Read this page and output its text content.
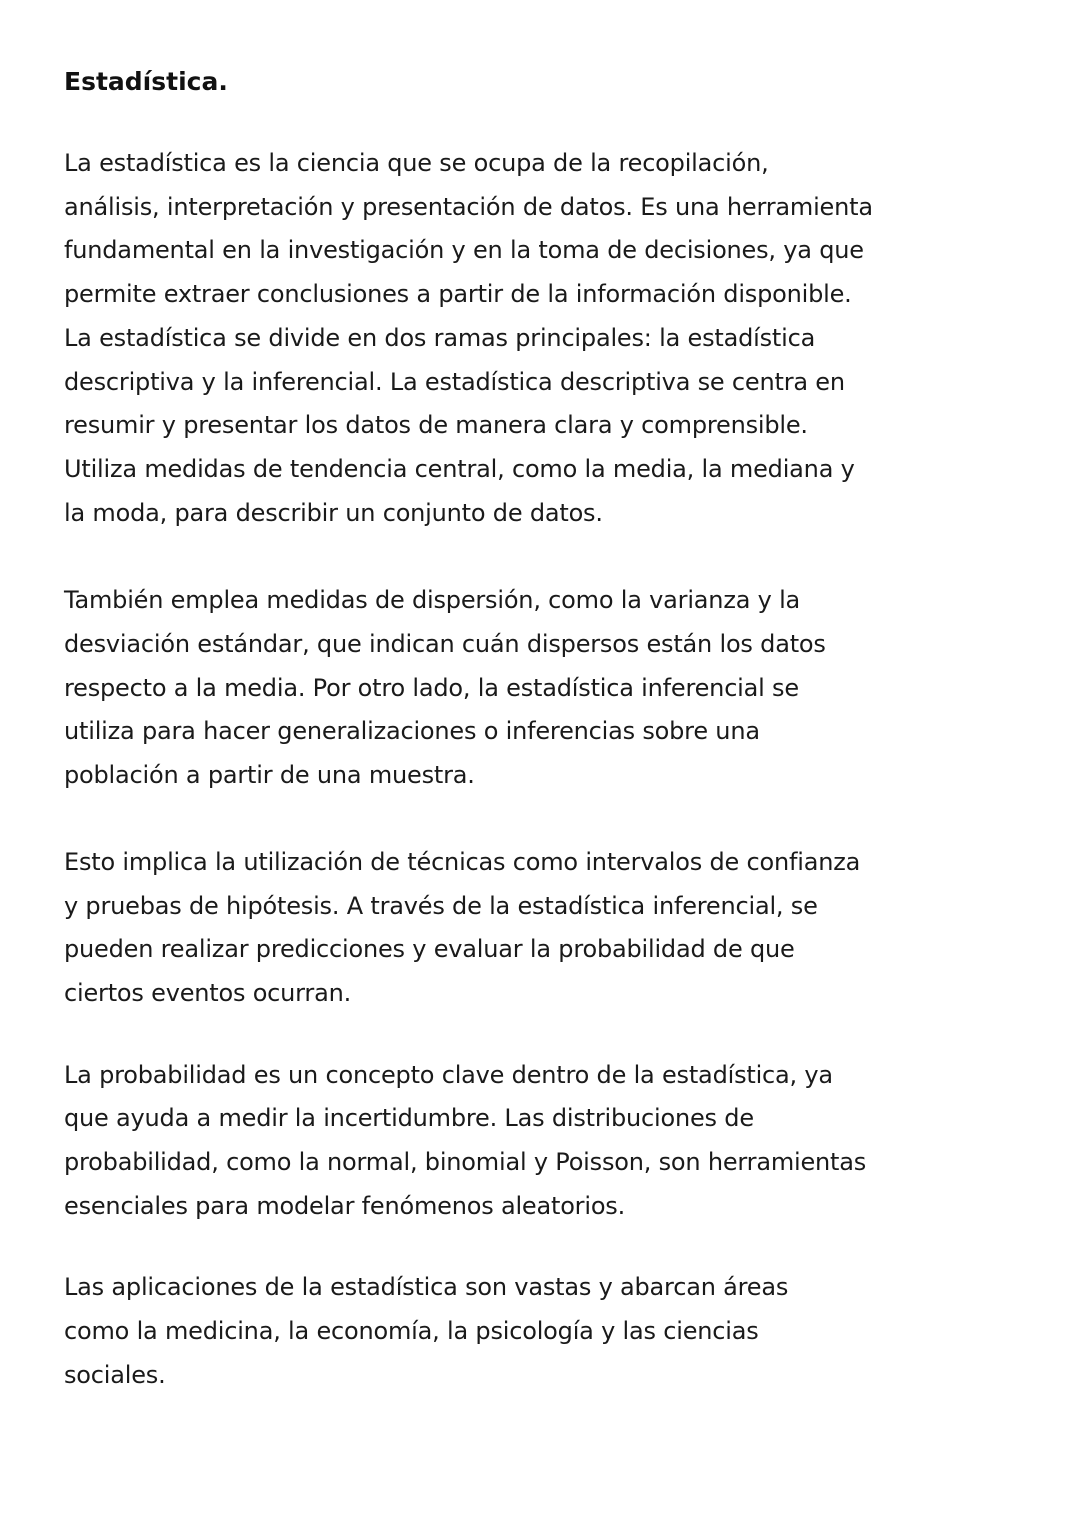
Estadística.
La estadística es la ciencia que se ocupa de la recopilación,
análisis, interpretación y presentación de datos. Es una herramienta
fundamental en la investigación y en la toma de decisiones, ya que
permite extraer conclusiones a partir de la información disponible.
La estadística se divide en dos ramas principales: la estadística
descriptiva y la inferencial. La estadística descriptiva se centra en
resumir y presentar los datos de manera clara y comprensible.
Utiliza medidas de tendencia central, como la media, la mediana y
la moda, para describir un conjunto de datos.
También emplea medidas de dispersión, como la varianza y la
desviación estándar, que indican cuán dispersos están los datos
respecto a la media. Por otro lado, la estadística inferencial se
utiliza para hacer generalizaciones o inferencias sobre una
población a partir de una muestra.
Esto implica la utilización de técnicas como intervalos de confianza
y pruebas de hipótesis. A través de la estadística inferencial, se
pueden realizar predicciones y evaluar la probabilidad de que
ciertos eventos ocurran.
La probabilidad es un concepto clave dentro de la estadística, ya
que ayuda a medir la incertidumbre. Las distribuciones de
probabilidad, como la normal, binomial y Poisson, son herramientas
esenciales para modelar fenómenos aleatorios.
Las aplicaciones de la estadística son vastas y abarcan áreas
como la medicina, la economía, la psicología y las ciencias
sociales.
